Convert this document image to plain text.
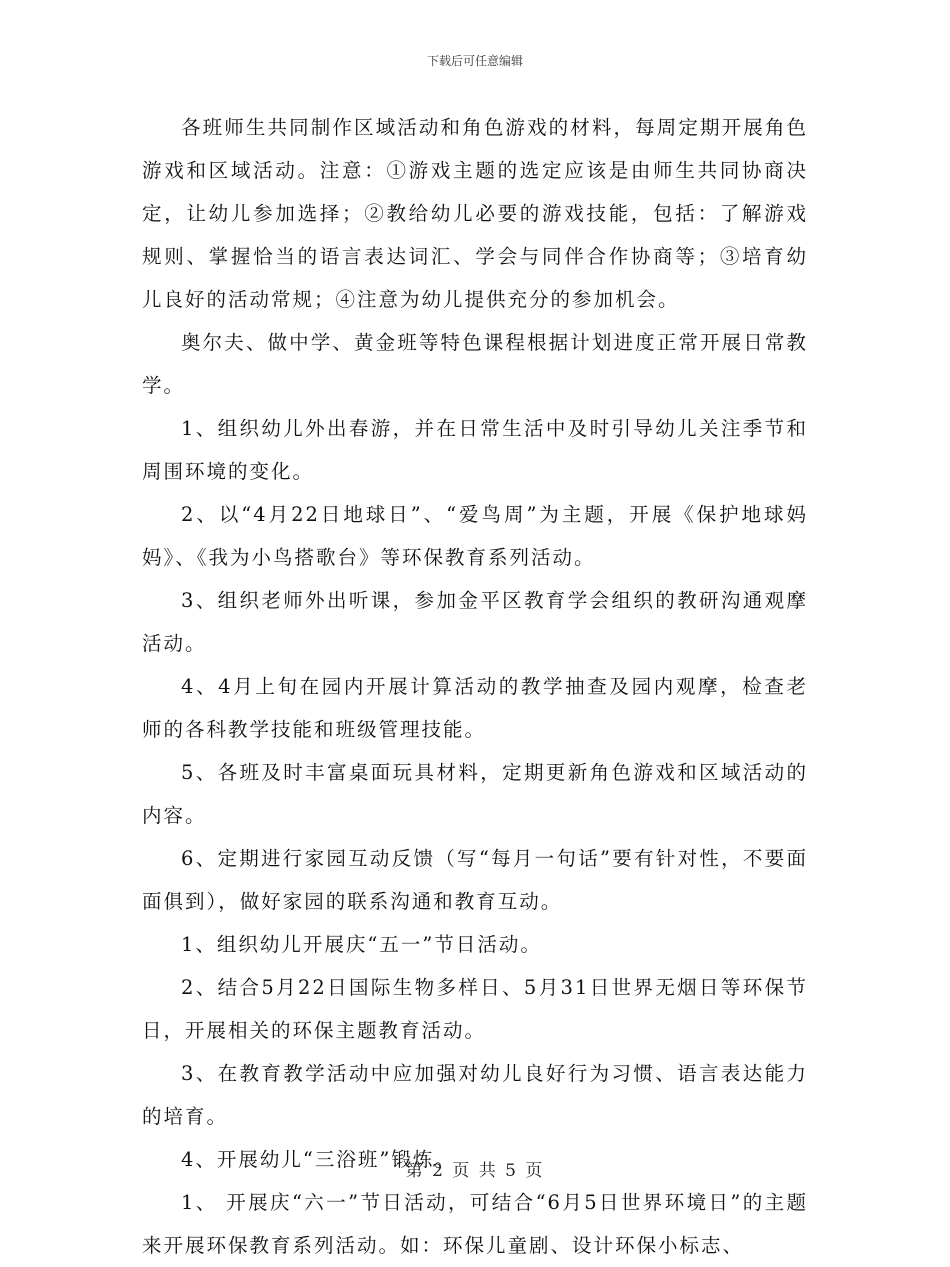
下载后可任意编辑

各班师生共同制作区域活动和角色游戏的材料，每周定期开展角色游戏和区域活动。注意：①游戏主题的选定应该是由师生共同协商决定，让幼儿参加选择；②教给幼儿必要的游戏技能，包括：了解游戏规则、掌握恰当的语言表达词汇、学会与同伴合作协商等；③培育幼儿良好的活动常规；④注意为幼儿提供充分的参加机会。

奥尔夫、做中学、黄金班等特色课程根据计划进度正常开展日常教学。

1、组织幼儿外出春游，并在日常生活中及时引导幼儿关注季节和周围环境的变化。

2、以“4月22日地球日”、“爱鸟周”为主题，开展《保护地球妈妈》、《我为小鸟搭歌台》等环保教育系列活动。

3、组织老师外出听课，参加金平区教育学会组织的教研沟通观摩活动。

4、4月上旬在园内开展计算活动的教学抽查及园内观摩，检查老师的各科教学技能和班级管理技能。

5、各班及时丰富桌面玩具材料，定期更新角色游戏和区域活动的内容。

6、定期进行家园互动反馈（写“每月一句话”要有针对性，不要面面俱到），做好家园的联系沟通和教育互动。

1、组织幼儿开展庆“五一”节日活动。

2、结合5月22日国际生物多样日、5月31日世界无烟日等环保节日，开展相关的环保主题教育活动。

3、在教育教学活动中应加强对幼儿良好行为习惯、语言表达能力的培育。

4、开展幼儿“三浴班”锻炼。

1、 开展庆“六一”节日活动，可结合“6月5日世界环境日”的主题来开展环保教育系列活动。如：环保儿童剧、设计环保小标志、

第 2 页 共 5 页
